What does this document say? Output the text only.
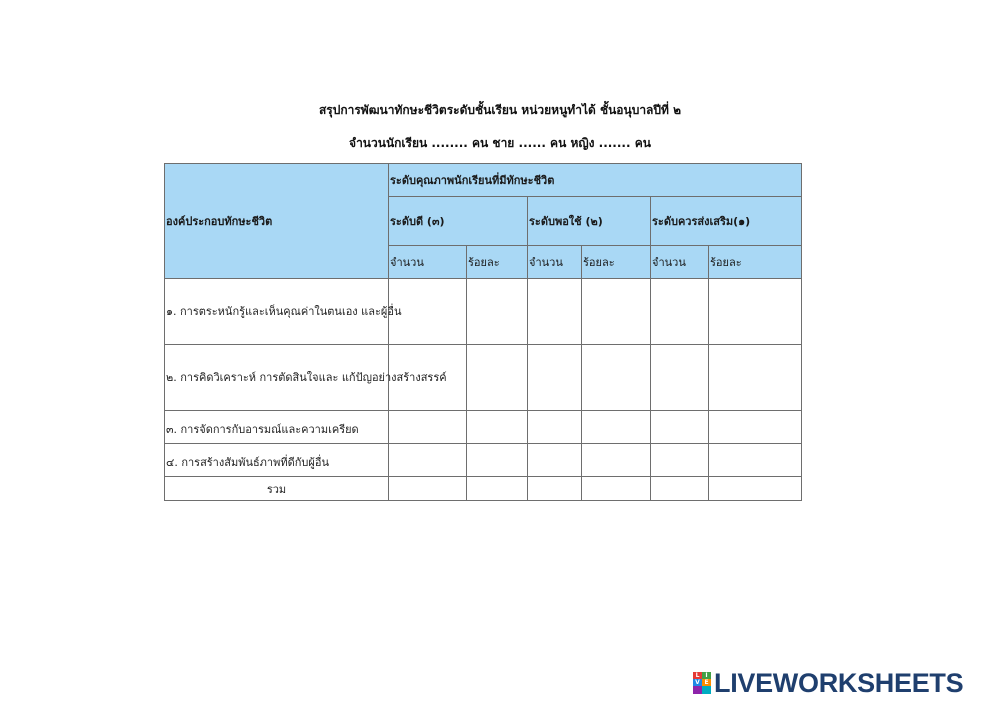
สรุปการพัฒนาทักษะชีวิตระดับชั้นเรียน หน่วยหนูทำได้ ชั้นอนุบาลปีที่ ๒
จำนวนนักเรียน ........ คน ชาย ...... คน หญิง ....... คน
องค์ประกอบทักษะชีวิต	ระดับคุณภาพนักเรียนที่มีทักษะชีวิต					
	ระดับดี (๓)		ระดับพอใช้ (๒)		ระดับควรส่งเสริม(๑)	
	จำนวน	ร้อยละ	จำนวน	ร้อยละ	จำนวน	ร้อยละ
๑. การตระหนักรู้และเห็นคุณค่าในตนเอง และผู้อื่น						
๒. การคิดวิเคราะห์ การตัดสินใจและ แก้ปัญอย่างสร้างสรรค์						
๓. การจัดการกับอารมณ์และความเครียด						
๔. การสร้างสัมพันธ์ภาพที่ดีกับผู้อื่น						
รวม						
L I
V E LIVEWORKSHEETS
